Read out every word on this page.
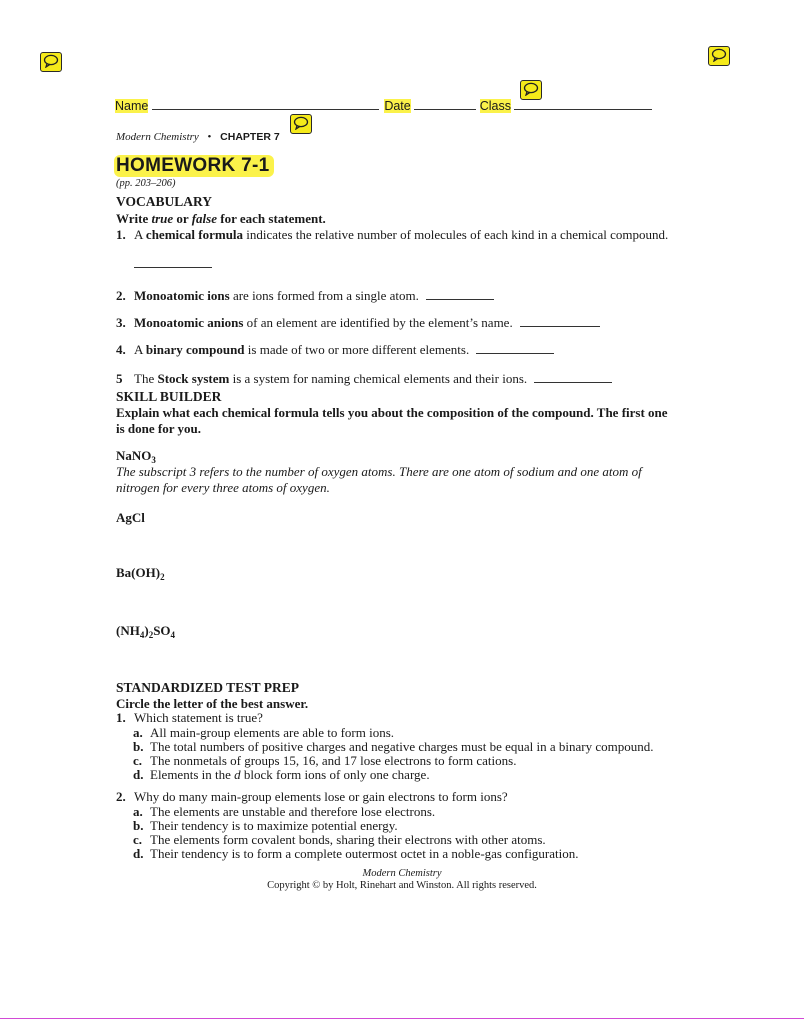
Name	Date	Class
Modern Chemistry • CHAPTER 7
HOMEWORK 7-1
(pp. 203–206)
VOCABULARY
Write true or false for each statement.
1. A chemical formula indicates the relative number of molecules of each kind in a chemical compound.
2. Monoatomic ions are ions formed from a single atom.
3. Monoatomic anions of an element are identified by the element’s name.
4. A binary compound is made of two or more different elements.
5 The Stock system is a system for naming chemical elements and their ions.
SKILL BUILDER
Explain what each chemical formula tells you about the composition of the compound. The first one
is done for you.
NaNO$_3$
The subscript 3 refers to the number of oxygen atoms. There are one atom of sodium and one atom of
nitrogen for every three atoms of oxygen.
AgCl
$Ba(OH)_2$
$(NH_4)_2SO_4$
STANDARDIZED TEST PREP
Circle the letter of the best answer.
1. Which statement is true?
a. All main-group elements are able to form ions.
b. The total numbers of positive charges and negative charges must be equal in a binary compound.
c. The nonmetals of groups 15, 16, and 17 lose electrons to form cations.
d. Elements in the d block form ions of only one charge.
2. Why do many main-group elements lose or gain electrons to form ions?
a. The elements are unstable and therefore lose electrons.
b. Their tendency is to maximize potential energy.
c. The elements form covalent bonds, sharing their electrons with other atoms.
d. Their tendency is to form a complete outermost octet in a noble-gas configuration.
Modern Chemistry
Copyright © by Holt, Rinehart and Winston. All rights reserved.
